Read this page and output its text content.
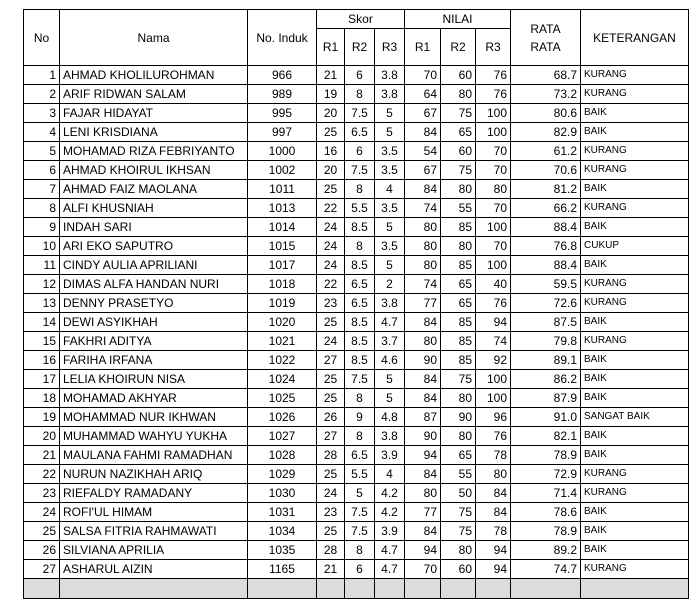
No	Nama	No. Induk	Skor			NILAI			RATA RATA	KETERANGAN
			R1	R2	R3	R1	R2	R3		
1	AHMAD KHOLILUROHMAN	966	21	6	3.8	70	60	76	68.7	KURANG
2	ARIF RIDWAN SALAM	989	19	8	3.8	64	80	76	73.2	KURANG
3	FAJAR HIDAYAT	995	20	7.5	5	67	75	100	80.6	BAIK
4	LENI KRISDIANA	997	25	6.5	5	84	65	100	82.9	BAIK
5	MOHAMAD RIZA FEBRIYANTO	1000	16	6	3.5	54	60	70	61.2	KURANG
6	AHMAD KHOIRUL IKHSAN	1002	20	7.5	3.5	67	75	70	70.6	KURANG
7	AHMAD FAIZ MAOLANA	1011	25	8	4	84	80	80	81.2	BAIK
8	ALFI KHUSNIAH	1013	22	5.5	3.5	74	55	70	66.2	KURANG
9	INDAH SARI	1014	24	8.5	5	80	85	100	88.4	BAIK
10	ARI EKO SAPUTRO	1015	24	8	3.5	80	80	70	76.8	CUKUP
11	CINDY AULIA APRILIANI	1017	24	8.5	5	80	85	100	88.4	BAIK
12	DIMAS ALFA HANDAN NURI	1018	22	6.5	2	74	65	40	59.5	KURANG
13	DENNY PRASETYO	1019	23	6.5	3.8	77	65	76	72.6	KURANG
14	DEWI ASYIKHAH	1020	25	8.5	4.7	84	85	94	87.5	BAIK
15	FAKHRI ADITYA	1021	24	8.5	3.7	80	85	74	79.8	KURANG
16	FARIHA IRFANA	1022	27	8.5	4.6	90	85	92	89.1	BAIK
17	LELIA KHOIRUN NISA	1024	25	7.5	5	84	75	100	86.2	BAIK
18	MOHAMAD AKHYAR	1025	25	8	5	84	80	100	87.9	BAIK
19	MOHAMMAD NUR IKHWAN	1026	26	9	4.8	87	90	96	91.0	SANGAT BAIK
20	MUHAMMAD WAHYU YUKHA	1027	27	8	3.8	90	80	76	82.1	BAIK
21	MAULANA FAHMI RAMADHAN	1028	28	6.5	3.9	94	65	78	78.9	BAIK
22	NURUN NAZIKHAH ARIQ	1029	25	5.5	4	84	55	80	72.9	KURANG
23	RIEFALDY RAMADANY	1030	24	5	4.2	80	50	84	71.4	KURANG
24	ROFI'UL HIMAM	1031	23	7.5	4.2	77	75	84	78.6	BAIK
25	SALSA FITRIA RAHMAWATI	1034	25	7.5	3.9	84	75	78	78.9	BAIK
26	SILVIANA APRILIA	1035	28	8	4.7	94	80	94	89.2	BAIK
27	ASHARUL AIZIN	1165	21	6	4.7	70	60	94	74.7	KURANG
